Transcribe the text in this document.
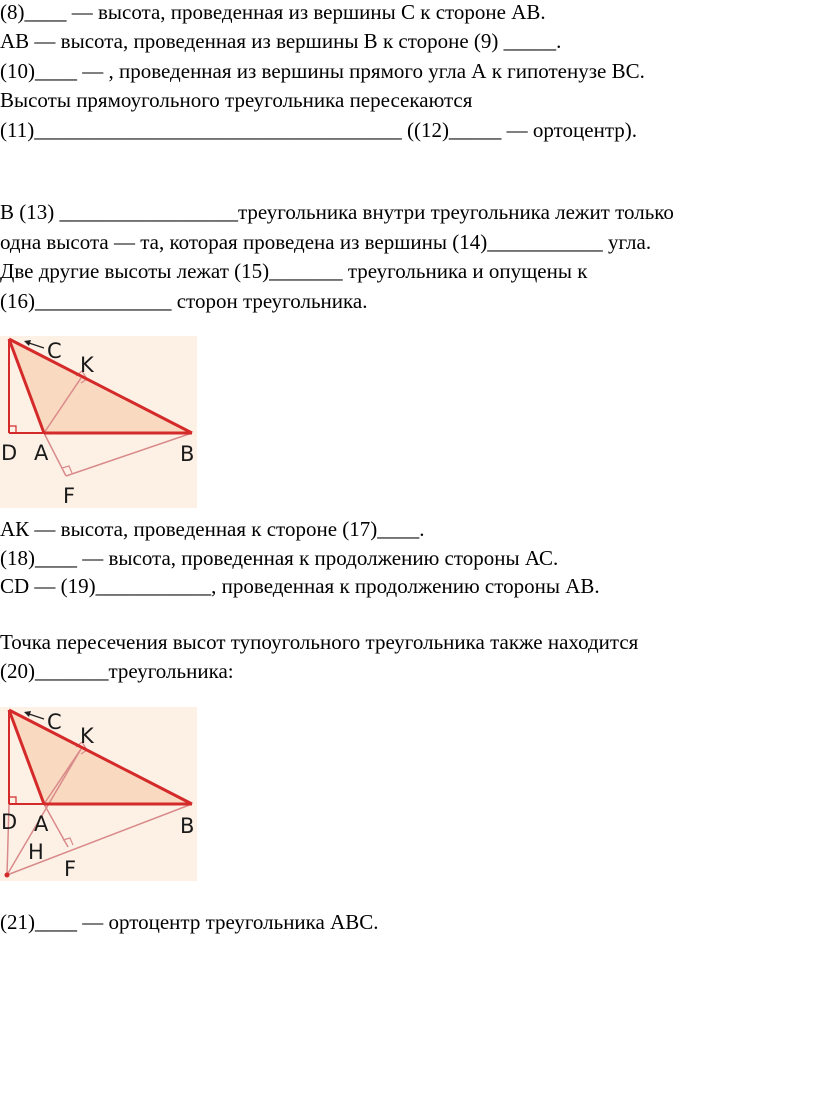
(8)____ — высота, проведенная из вершины С к стороне АВ.
АВ — высота, проведенная из вершины В к стороне (9) _____.
(10)____ — , проведенная из вершины прямого угла А к гипотенузе ВС.
Высоты прямоугольного треугольника пересекаются
(11)___________________________________ ((12)_____ — ортоцентр).
В (13) _________________треугольника внутри треугольника лежит только
одна высота — та, которая проведена из вершины (14)___________ угла.
Две другие высоты лежат (15)_______ треугольника и опущены к
(16)_____________ сторон треугольника.
C
K
D A	B
F
АК — высота, проведенная к стороне (17)____.
(18)____ — высота, проведенная к продолжению стороны АС.
CD — (19)___________, проведенная к продолжению стороны АВ.
Точка пересечения высот тупоугольного треугольника также находится
(20)_______треугольника:
C
K
D A	B
H
F
(21)____ — ортоцентр треугольника АВС.
